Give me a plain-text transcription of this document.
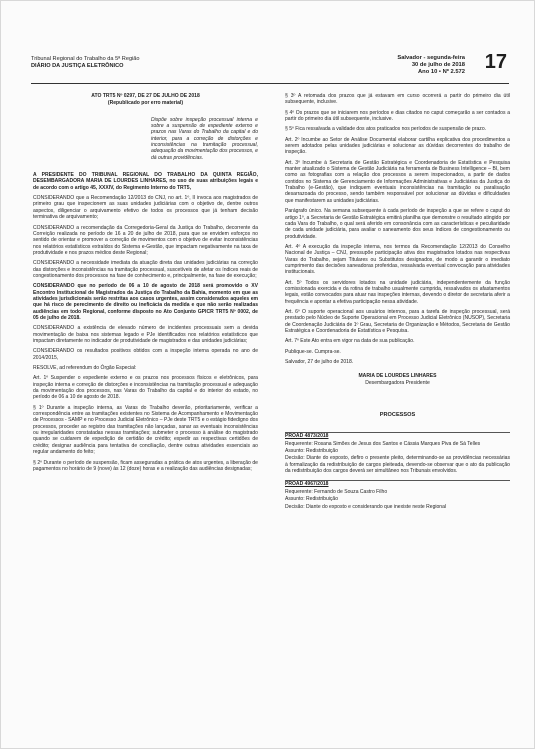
Tribunal Regional do Trabalho da 5ª Região
DIÁRIO DA JUSTIÇA ELETRÔNICO
Salvador - segunda-feira
30 de julho de 2018
Ano 10 • Nº 2.572 17

ATO TRT5 Nº 0297, DE 27 DE JULHO DE 2018

(Republicado por erro material)

Dispõe sobre inspeção processual interna e sobre a suspensão de expediente externo e prazos nas Varas do Trabalho da capital e do interior, para a correção de distorções e inconsistências na tramitação processual, adequação da movimentação dos processos, e dá outras providências.

A PRESIDENTE DO TRIBUNAL REGIONAL DO TRABALHO DA QUINTA REGIÃO, DESEMBARGADORA MARIA DE LOURDES LINHARES, no uso de suas atribuições legais e de acordo com o artigo 45, XXXIV, do Regimento Interno do TRT5,

CONSIDERANDO que a Recomendação 12/2013 do CNJ, no art. 1º, II invoca aos magistrados de primeiro grau que inspecionem as suas unidades judiciárias com o objetivo de, dentre outros aspectos, diligenciar o arquivamento efetivo de todos os processos que já tenham decisão terminativa de arquivamento;

CONSIDERANDO a recomendação da Corregedoria-Geral da Justiça do Trabalho, decorrente da Correição realizada no período de 16 a 20 de julho de 2018, para que se envidem esforços no sentido de orientar e promover a correção de movimentos com o objetivo de evitar inconsistências nos relatórios estatísticos extraídos do Sistema e-Gestão, que impactam negativamente na taxa de produtividade e nos prazos médios deste Regional;

CONSIDERANDO a necessidade imediata da atuação direta das unidades judiciárias na correção das distorções e inconsistências na tramitação processual, suscetíveis de afetar os índices reais de congestionamento dos processos na fase de conhecimento e, principalmente, na fase de execução;

CONSIDERANDO que no período de 06 a 10 de agosto de 2018 será promovido o XV Encontro Institucional de Magistrados da Justiça do Trabalho da Bahia, momento em que as atividades jurisdicionais serão restritas aos casos urgentes, assim considerados aqueles em que há risco de perecimento de direito ou ineficácia da medida e que não serão realizadas audiências em todo Regional, conforme disposto no Ato Conjunto GPICR TRT5 Nº 0002, de 05 de julho de 2018.

CONSIDERANDO a existência de elevado número de incidentes processuais sem a devida movimentação de baixa nos sistemas legado e PJe identificados nos relatórios estatísticos que impactam diretamente no indicador de produtividade de magistrados e das unidades judiciárias;

CONSIDERANDO os resultados positivos obtidos com a inspeção interna operada no ano de 2014/2015,

RESOLVE, ad referendum do Órgão Especial:

Art. 1º Suspender o expediente externo e os prazos nos processos físicos e eletrônicos, para inspeção interna e correção de distorções e inconsistências na tramitação processual e adequação da movimentação dos processos, nas Varas do Trabalho da capital e do interior do estado, no período de 06 a 10 de agosto de 2018.

§ 1º Durante a inspeção interna, as Varas do Trabalho deverão, prioritariamente, verificar a correspondência entre as tramitações existentes no Sistema de Acompanhamento e Movimentação de Processos - SAMP e no Processo Judicial Eletrônico – PJe deste TRT5 e o estágio fidedigno dos processos, proceder ao registro das tramitações não lançadas, sanar as eventuais inconsistências ou irregularidades constatadas nessas tramitações; submeter o processo à análise do magistrado quando se cuidarem de expedição de certidão de crédito; expedir as respectivas certidões de crédito; designar audiência para tentativa de conciliação, dentre outras atividades essenciais ao regular andamento do feito;

§ 2º Durante o período de suspensão, ficam asseguradas a prática de atos urgentes, a liberação de pagamentos no horário de 9 (nove) às 12 (doze) horas e a realização das audiências designadas;

§ 3º A retomada dos prazos que já estavam em curso ocorrerá a partir do primeiro dia útil subsequente, inclusive.

§ 4º Os prazos que se iniciarem nos períodos e dias citados no caput começarão a ser contados a partir do primeiro dia útil subsequente, inclusive.

§ 5º Fica ressalvada a validade dos atos praticados nos períodos de suspensão de prazo.

Art. 2º Incumbe ao Setor de Análise Documental elaborar cartilha explicativa dos procedimentos a serem adotados pelas unidades judiciárias e solucionar as dúvidas decorrentes do trabalho de inspeção.

Art. 3º Incumbe à Secretaria de Gestão Estratégica e Coordenadoria de Estatística e Pesquisa manter atualizado o Sistema de Gestão Judiciária na ferramenta de Business Intelligence – BI, bem como as fotografias com a relação dos processos a serem inspecionados, a partir de dados contidos no Sistema de Gerenciamento de Informações Administrativas e Judiciárias da Justiça do Trabalho (e-Gestão), que indiquem eventuais inconsistências na tramitação ou paralisação desarrazoada do processo, sendo também responsável por solucionar as dúvidas e dificuldades que manifestarem as unidades judiciárias.

Parágrafo único. Na semana subsequente à cada período de inspeção a que se refere o caput do artigo 1º, a Secretaria de Gestão Estratégica emitirá planilha que demonstre o resultado atingido por cada Vara do Trabalho, o qual será aferido em consonância com as características e peculiaridade de cada unidade judiciária, para avaliar o saneamento dos seus índices de congestionamento ou produtividade.

Art. 4º A execução da inspeção interna, nos termos da Recomendação 12/2013 do Conselho Nacional de Justiça – CNJ, pressupõe participação ativa dos magistrados lotados nas respectivas Varas do Trabalho, sejam Titulares ou Substitutos designados, de modo a garantir o imediato cumprimento das decisões saneadoras proferidas, ressalvada eventual convocação para atividades institucionais.

Art. 5º Todos os servidores lotados na unidade judiciária, independentemente da função comissionada exercida e da rotina de trabalho usualmente cumprida, ressalvados os afastamentos legais, estão convocados para atuar nas inspeções internas, devendo o diretor de secretaria aferir a frequência e apontar a efetiva participação nessa atividade.

Art. 6º O suporte operacional aos usuários internos, para a tarefa de inspeção processual, será prestado pelo Núcleo de Suporte Operacional em Processo Judicial Eletrônico (NUSOP), Secretaria de Coordenação Judiciária de 1º Grau, Secretaria de Organização e Métodos, Secretaria de Gestão Estratégica e Coordenadoria de Estatística e Pesquisa.

Art. 7º Este Ato entra em vigor na data de sua publicação.

Publique-se. Cumpra-se.

Salvador, 27 de julho de 2018.

MARIA DE LOURDES LINHARES
Desembargadora Presidente
PROCESSOS

PROAD 4873/2018

Requerente: Rosana Simões de Jesus dos Santos e Cássia Marques Piva de Sá Telles

Assunto: Redistribuição

Decisão: Diante do exposto, defiro o presente pleito, determinando-se as providências necessárias à formalização da redistribuição de cargos pleiteada, devendo-se observar que o ato da publicação da redistribuição dos cargos deverá ser simultâneo nos Tribunais envolvidos.

PROAD 4967/2018

Requerente: Fernando de Souza Castro Filho

Assunto: Redistribuição

Decisão: Diante do exposto e considerando que inexiste neste Regional
